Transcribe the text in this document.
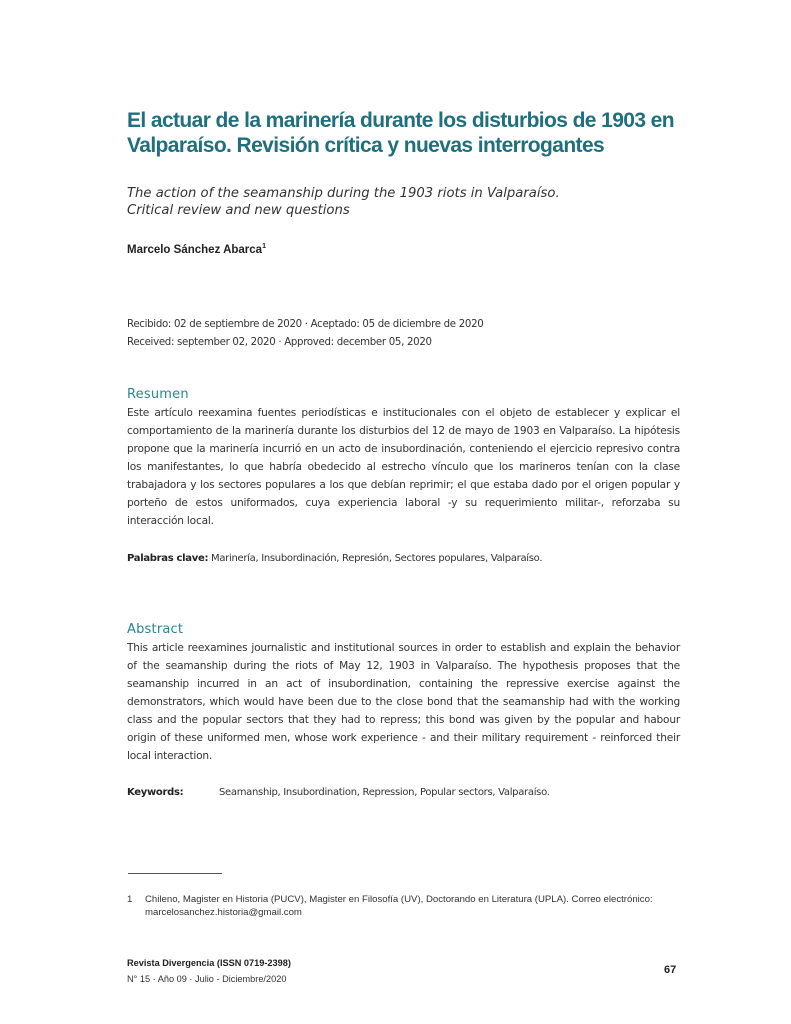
El actuar de la marinería durante los disturbios de 1903 en Valparaíso. Revisión crítica y nuevas interrogantes
The action of the seamanship during the 1903 riots in Valparaíso.
Critical review and new questions
Marcelo Sánchez Abarca$^1$
Recibido: 02 de septiembre de 2020 · Aceptado: 05 de diciembre de 2020
Received: september 02, 2020 · Approved: december 05, 2020
Resumen
Este artículo reexamina fuentes periodísticas e institucionales con el objeto de establecer y explicar el comportamiento de la marinería durante los disturbios del 12 de mayo de 1903 en Valparaíso. La hipótesis propone que la marinería incurrió en un acto de insubordinación, conteniendo el ejercicio represivo contra los manifestantes, lo que habría obedecido al estrecho vínculo que los marineros tenían con la clase trabajadora y los sectores populares a los que debían reprimir; el que estaba dado por el origen popular y porteño de estos uniformados, cuya experiencia laboral -y su requerimiento militar-, reforzaba su interacción local.
Palabras clave: Marinería, Insubordinación, Represión, Sectores populares, Valparaíso.
Abstract
This article reexamines journalistic and institutional sources in order to establish and explain the behavior of the seamanship during the riots of May 12, 1903 in Valparaíso. The hypothesis proposes that the seamanship incurred in an act of insubordination, containing the repressive exercise against the demonstrators, which would have been due to the close bond that the seamanship had with the working class and the popular sectors that they had to repress; this bond was given by the popular and habour origin of these uniformed men, whose work experience - and their military requirement - reinforced their local interaction.
Keywords:	Seamanship, Insubordination, Repression, Popular sectors, Valparaíso.
1	Chileno, Magister en Historia (PUCV), Magister en Filosofía (UV), Doctorando en Literatura (UPLA). Correo electrónico: marcelosanchez.historia@gmail.com
Revista Divergencia (ISSN 0719-2398)
N° 15 · Año 09 · Julio - Diciembre/2020
67
